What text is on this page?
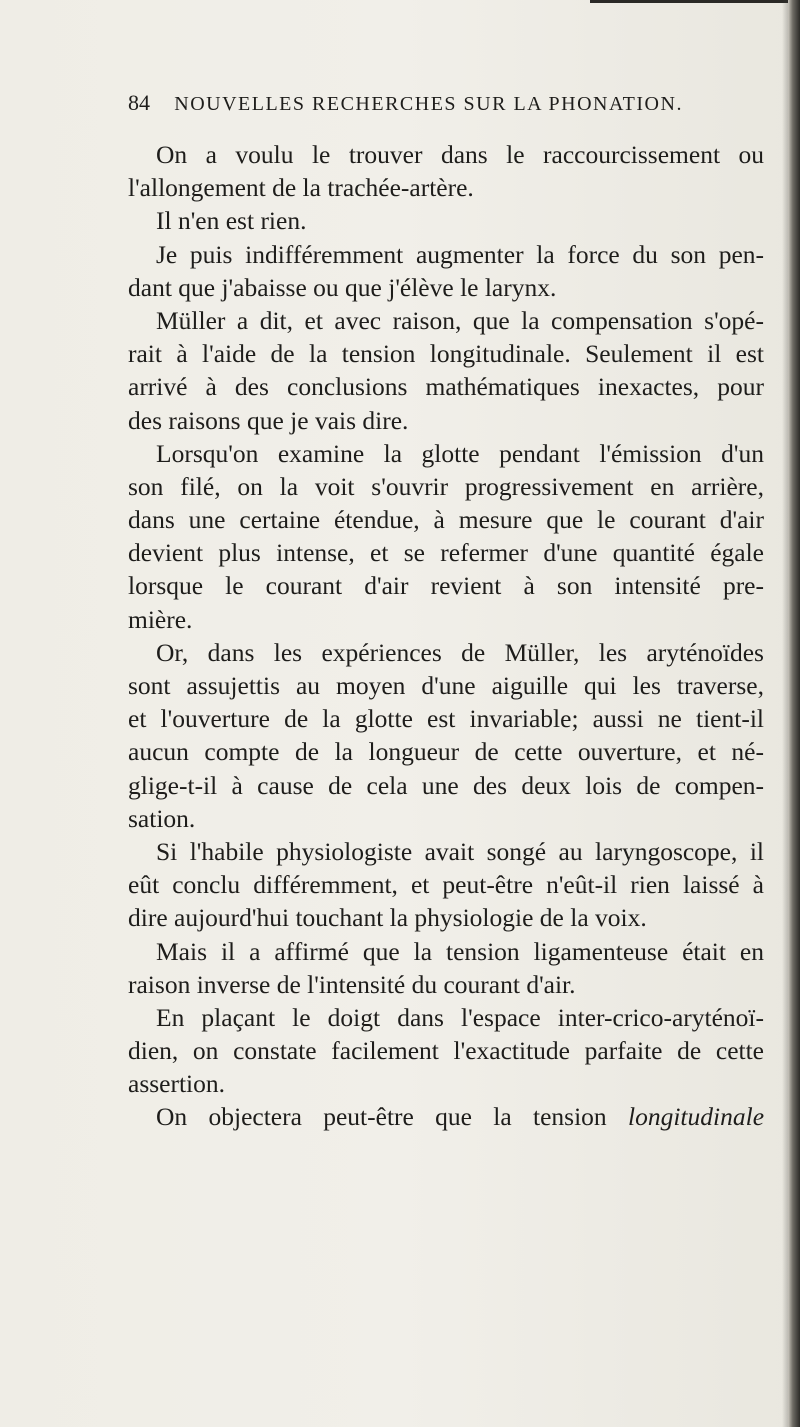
84 NOUVELLES RECHERCHES SUR LA PHONATION.
On a voulu le trouver dans le raccourcissement ou
l'allongement de la trachée-artère.
Il n'en est rien.
Je puis indifféremment augmenter la force du son pen-
dant que j'abaisse ou que j'élève le larynx.
Müller a dit, et avec raison, que la compensation s'opé-
rait à l'aide de la tension longitudinale. Seulement il est
arrivé à des conclusions mathématiques inexactes, pour
des raisons que je vais dire.
Lorsqu'on examine la glotte pendant l'émission d'un
son filé, on la voit s'ouvrir progressivement en arrière,
dans une certaine étendue, à mesure que le courant d'air
devient plus intense, et se refermer d'une quantité égale
lorsque le courant d'air revient à son intensité pre-
mière.
Or, dans les expériences de Müller, les aryténoïdes
sont assujettis au moyen d'une aiguille qui les traverse,
et l'ouverture de la glotte est invariable; aussi ne tient-il
aucun compte de la longueur de cette ouverture, et né-
glige-t-il à cause de cela une des deux lois de compen-
sation.
Si l'habile physiologiste avait songé au laryngoscope, il
eût conclu différemment, et peut-être n'eût-il rien laissé à
dire aujourd'hui touchant la physiologie de la voix.
Mais il a affirmé que la tension ligamenteuse était en
raison inverse de l'intensité du courant d'air.
En plaçant le doigt dans l'espace inter-crico-aryténoï-
dien, on constate facilement l'exactitude parfaite de cette
assertion.
On objectera peut-être que la tension longitudinale
